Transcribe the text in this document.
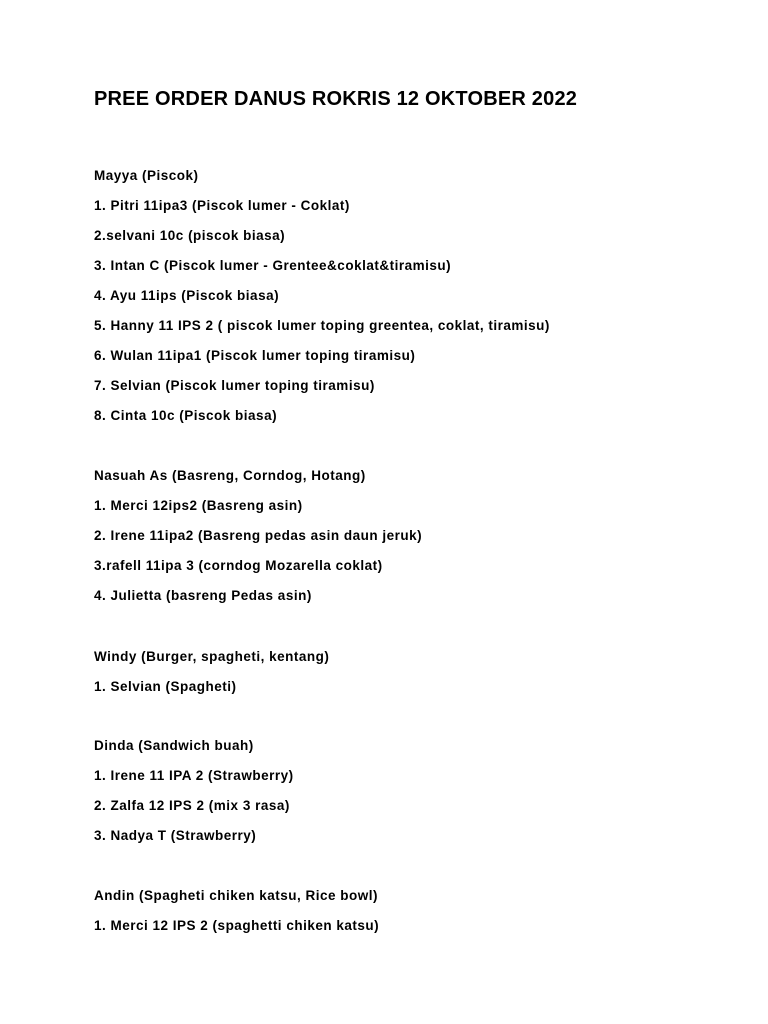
PREE ORDER DANUS ROKRIS 12 OKTOBER 2022

Mayya (Piscok)

1. Pitri 11ipa3 (Piscok lumer - Coklat)

2.selvani 10c (piscok biasa)

3. Intan C (Piscok lumer - Grentee&coklat&tiramisu)

4. Ayu 11ips (Piscok biasa)

5. Hanny 11 IPS 2 ( piscok lumer toping greentea, coklat, tiramisu)

6. Wulan 11ipa1 (Piscok lumer toping tiramisu)

7. Selvian (Piscok lumer toping tiramisu)

8. Cinta 10c (Piscok biasa)

Nasuah As (Basreng, Corndog, Hotang)

1. Merci 12ips2 (Basreng asin)

2. Irene 11ipa2 (Basreng pedas asin daun jeruk)

3.rafell 11ipa 3 (corndog Mozarella coklat)

4. Julietta (basreng Pedas asin)

Windy (Burger, spagheti, kentang)

1. Selvian (Spagheti)

Dinda (Sandwich buah)

1. Irene 11 IPA 2 (Strawberry)

2. Zalfa 12 IPS 2 (mix 3 rasa)

3. Nadya T (Strawberry)

Andin (Spagheti chiken katsu, Rice bowl)

1. Merci 12 IPS 2 (spaghetti chiken katsu)
